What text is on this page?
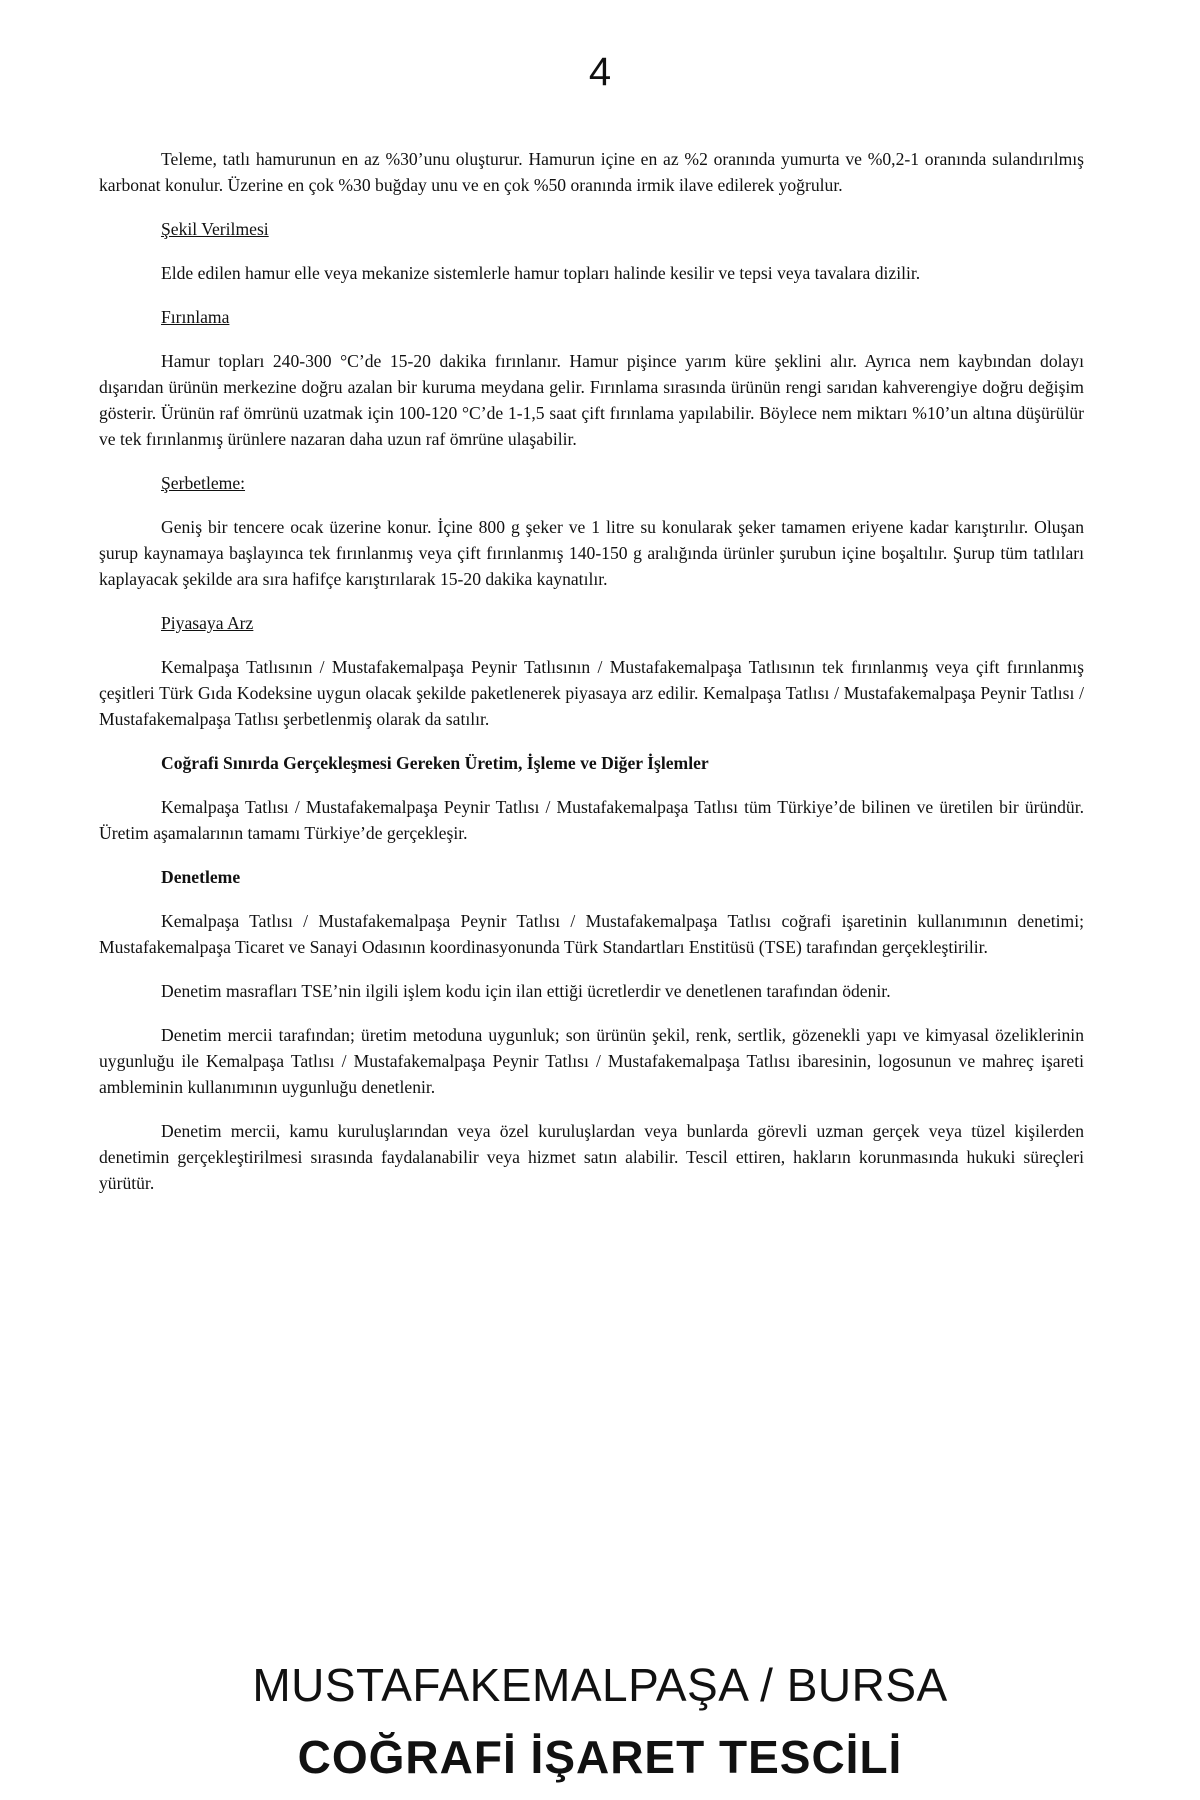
4

Teleme, tatlı hamurunun en az %30’unu oluşturur. Hamurun içine en az %2 oranında yumurta ve %0,2-1 oranında sulandırılmış karbonat konulur. Üzerine en çok %30 buğday unu ve en çok %50 oranında irmik ilave edilerek yoğrulur.

Şekil Verilmesi

Elde edilen hamur elle veya mekanize sistemlerle hamur topları halinde kesilir ve tepsi veya tavalara dizilir.

Fırınlama

Hamur topları 240-300 °C’de 15-20 dakika fırınlanır. Hamur pişince yarım küre şeklini alır. Ayrıca nem kaybından dolayı dışarıdan ürünün merkezine doğru azalan bir kuruma meydana gelir. Fırınlama sırasında ürünün rengi sarıdan kahverengiye doğru değişim gösterir. Ürünün raf ömrünü uzatmak için 100-120 °C’de 1-1,5 saat çift fırınlama yapılabilir. Böylece nem miktarı %10’un altına düşürülür ve tek fırınlanmış ürünlere nazaran daha uzun raf ömrüne ulaşabilir.

Şerbetleme:

Geniş bir tencere ocak üzerine konur. İçine 800 g şeker ve 1 litre su konularak şeker tamamen eriyene kadar karıştırılır. Oluşan şurup kaynamaya başlayınca tek fırınlanmış veya çift fırınlanmış 140-150 g aralığında ürünler şurubun içine boşaltılır. Şurup tüm tatlıları kaplayacak şekilde ara sıra hafifçe karıştırılarak 15-20 dakika kaynatılır.

Piyasaya Arz

Kemalpaşa Tatlısının / Mustafakemalpaşa Peynir Tatlısının / Mustafakemalpaşa Tatlısının tek fırınlanmış veya çift fırınlanmış çeşitleri Türk Gıda Kodeksine uygun olacak şekilde paketlenerek piyasaya arz edilir. Kemalpaşa Tatlısı / Mustafakemalpaşa Peynir Tatlısı / Mustafakemalpaşa Tatlısı şerbetlenmiş olarak da satılır.

Coğrafi Sınırda Gerçekleşmesi Gereken Üretim, İşleme ve Diğer İşlemler

Kemalpaşa Tatlısı / Mustafakemalpaşa Peynir Tatlısı / Mustafakemalpaşa Tatlısı tüm Türkiye’de bilinen ve üretilen bir üründür. Üretim aşamalarının tamamı Türkiye’de gerçekleşir.

Denetleme

Kemalpaşa Tatlısı / Mustafakemalpaşa Peynir Tatlısı / Mustafakemalpaşa Tatlısı coğrafi işaretinin kullanımının denetimi; Mustafakemalpaşa Ticaret ve Sanayi Odasının koordinasyonunda Türk Standartları Enstitüsü (TSE) tarafından gerçekleştirilir.

Denetim masrafları TSE’nin ilgili işlem kodu için ilan ettiği ücretlerdir ve denetlenen tarafından ödenir.

Denetim mercii tarafından; üretim metoduna uygunluk; son ürünün şekil, renk, sertlik, gözenekli yapı ve kimyasal özeliklerinin uygunluğu ile Kemalpaşa Tatlısı / Mustafakemalpaşa Peynir Tatlısı / Mustafakemalpaşa Tatlısı ibaresinin, logosunun ve mahreç işareti ambleminin kullanımının uygunluğu denetlenir.

Denetim mercii, kamu kuruluşlarından veya özel kuruluşlardan veya bunlarda görevli uzman gerçek veya tüzel kişilerden denetimin gerçekleştirilmesi sırasında faydalanabilir veya hizmet satın alabilir. Tescil ettiren, hakların korunmasında hukuki süreçleri yürütür.

MUSTAFAKEMALPAŞA / BURSA
COĞRAFİ İŞARET TESCİLİ
